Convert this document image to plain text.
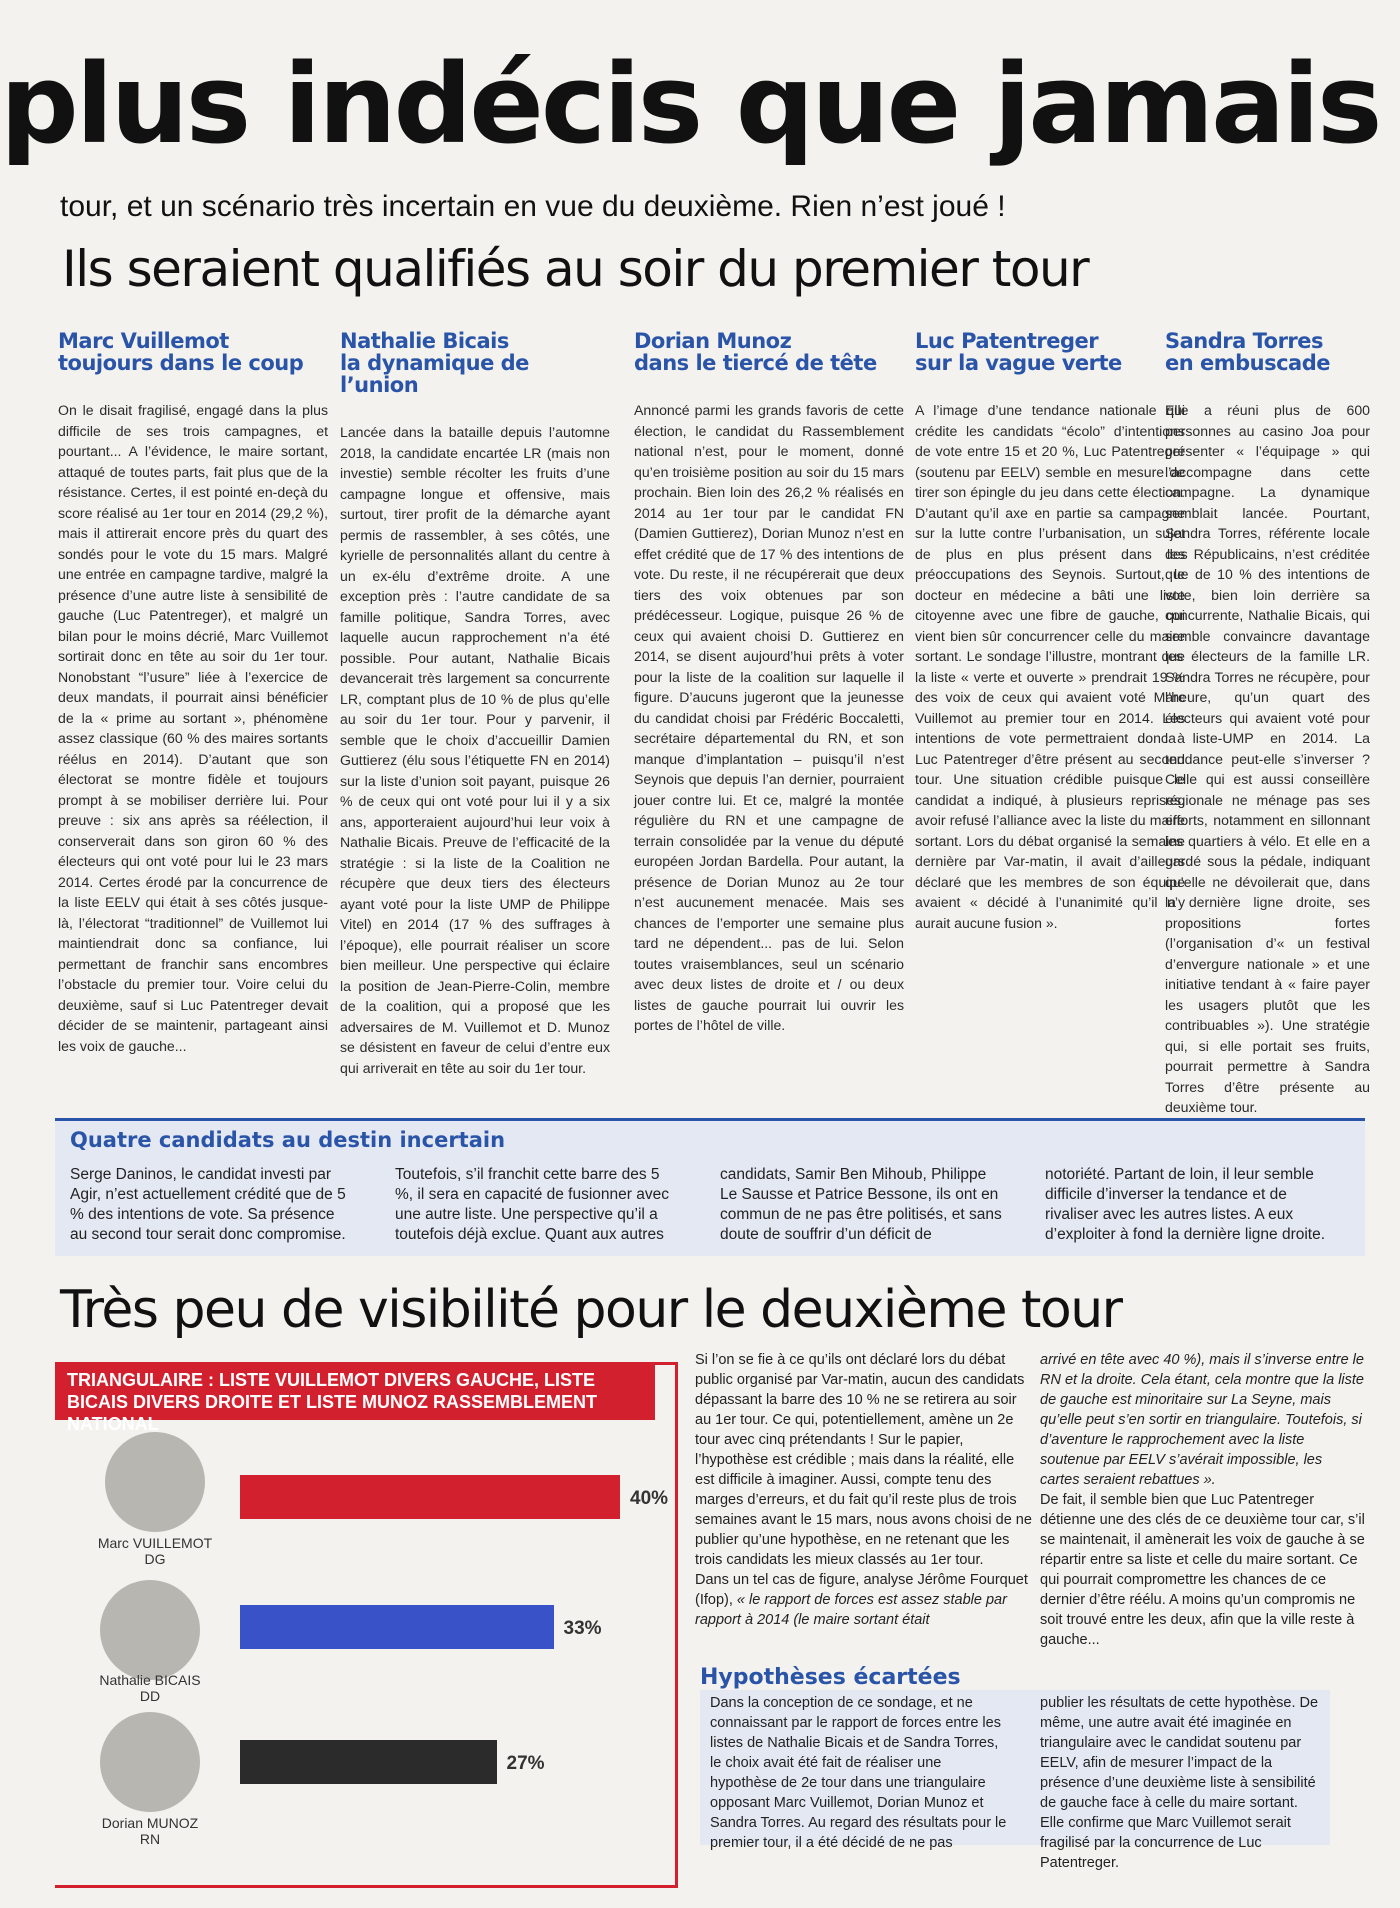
plus indécis que jamais
tour, et un scénario très incertain en vue du deuxième. Rien n’est joué !
Ils seraient qualifiés au soir du premier tour
Marc Vuillemot
toujours dans le coup

On le disait fragilisé, engagé dans la plus difficile de ses trois campagnes, et pourtant... A l’évidence, le maire sortant, attaqué de toutes parts, fait plus que de la résistance. Certes, il est pointé en-deçà du score réalisé au 1er tour en 2014 (29,2 %), mais il attirerait encore près du quart des sondés pour le vote du 15 mars. Malgré une entrée en campagne tardive, malgré la présence d’une autre liste à sensibilité de gauche (Luc Patentreger), et malgré un bilan pour le moins décrié, Marc Vuillemot sortirait donc en tête au soir du 1er tour. Nonobstant “l’usure” liée à l’exercice de deux mandats, il pourrait ainsi bénéficier de la « prime au sortant », phénomène assez classique (60 % des maires sortants réélus en 2014). D’autant que son électorat se montre fidèle et toujours prompt à se mobiliser derrière lui. Pour preuve : six ans après sa réélection, il conserverait dans son giron 60 % des électeurs qui ont voté pour lui le 23 mars 2014. Certes érodé par la concurrence de la liste EELV qui était à ses côtés jusque-là, l’électorat “traditionnel” de Vuillemot lui maintiendrait donc sa confiance, lui permettant de franchir sans encombres l’obstacle du premier tour. Voire celui du deuxième, sauf si Luc Patentreger devait décider de se maintenir, partageant ainsi les voix de gauche...

Nathalie Bicais
la dynamique de l’union

Lancée dans la bataille depuis l’automne 2018, la candidate encartée LR (mais non investie) semble récolter les fruits d’une campagne longue et offensive, mais surtout, tirer profit de la démarche ayant permis de rassembler, à ses côtés, une kyrielle de personnalités allant du centre à un ex-élu d’extrême droite. A une exception près : l’autre candidate de sa famille politique, Sandra Torres, avec laquelle aucun rapprochement n’a été possible. Pour autant, Nathalie Bicais devancerait très largement sa concurrente LR, comptant plus de 10 % de plus qu’elle au soir du 1er tour. Pour y parvenir, il semble que le choix d’accueillir Damien Guttierez (élu sous l’étiquette FN en 2014) sur la liste d’union soit payant, puisque 26 % de ceux qui ont voté pour lui il y a six ans, apporteraient aujourd’hui leur voix à Nathalie Bicais. Preuve de l’efficacité de la stratégie : si la liste de la Coalition ne récupère que deux tiers des électeurs ayant voté pour la liste UMP de Philippe Vitel) en 2014 (17 % des suffrages à l’époque), elle pourrait réaliser un score bien meilleur. Une perspective qui éclaire la position de Jean-Pierre-Colin, membre de la coalition, qui a proposé que les adversaires de M. Vuillemot et D. Munoz se désistent en faveur de celui d’entre eux qui arriverait en tête au soir du 1er tour.

Dorian Munoz
dans le tiercé de tête

Annoncé parmi les grands favoris de cette élection, le candidat du Rassemblement national n’est, pour le moment, donné qu’en troisième position au soir du 15 mars prochain. Bien loin des 26,2 % réalisés en 2014 au 1er tour par le candidat FN (Damien Guttierez), Dorian Munoz n’est en effet crédité que de 17 % des intentions de vote. Du reste, il ne récupérerait que deux tiers des voix obtenues par son prédécesseur. Logique, puisque 26 % de ceux qui avaient choisi D. Guttierez en 2014, se disent aujourd’hui prêts à voter pour la liste de la coalition sur laquelle il figure. D’aucuns jugeront que la jeunesse du candidat choisi par Frédéric Boccaletti, secrétaire départemental du RN, et son manque d’implantation – puisqu’il n’est Seynois que depuis l’an dernier, pourraient jouer contre lui. Et ce, malgré la montée régulière du RN et une campagne de terrain consolidée par la venue du député européen Jordan Bardella. Pour autant, la présence de Dorian Munoz au 2e tour n’est aucunement menacée. Mais ses chances de l’emporter une semaine plus tard ne dépendent... pas de lui. Selon toutes vraisemblances, seul un scénario avec deux listes de droite et / ou deux listes de gauche pourrait lui ouvrir les portes de l’hôtel de ville.

Luc Patentreger
sur la vague verte

A l’image d’une tendance nationale qui crédite les candidats “écolo” d’intentions de vote entre 15 et 20 %, Luc Patentreger (soutenu par EELV) semble en mesure de tirer son épingle du jeu dans cette élection. D’autant qu’il axe en partie sa campagne sur la lutte contre l’urbanisation, un sujet de plus en plus présent dans les préoccupations des Seynois. Surtout, le docteur en médecine a bâti une liste citoyenne avec une fibre de gauche, qui vient bien sûr concurrencer celle du maire sortant. Le sondage l’illustre, montrant que la liste « verte et ouverte » prendrait 19 % des voix de ceux qui avaient voté Marc Vuillemot au premier tour en 2014. Les intentions de vote permettraient donc à Luc Patentreger d’être présent au second tour. Une situation crédible puisque le candidat a indiqué, à plusieurs reprises, avoir refusé l’alliance avec la liste du maire sortant. Lors du débat organisé la semaine dernière par Var-matin, il avait d’ailleurs déclaré que les membres de son équipe avaient « décidé à l’unanimité qu’il n’y aurait aucune fusion ».

Sandra Torres
en embuscade

Elle a réuni plus de 600 personnes au casino Joa pour présenter « l’équipage » qui l’accompagne dans cette campagne. La dynamique semblait lancée. Pourtant, Sandra Torres, référente locale des Républicains, n’est créditée que de 10 % des intentions de vote, bien loin derrière sa concurrente, Nathalie Bicais, qui semble convaincre davantage les électeurs de la famille LR. Sandra Torres ne récupère, pour l’heure, qu’un quart des électeurs qui avaient voté pour la liste-UMP en 2014. La tendance peut-elle s’inverser ? Celle qui est aussi conseillère régionale ne ménage pas ses efforts, notamment en sillonnant les quartiers à vélo. Et elle en a gardé sous la pédale, indiquant qu’elle ne dévoilerait que, dans la dernière ligne droite, ses propositions fortes (l’organisation d’« un festival d’envergure nationale » et une initiative tendant à « faire payer les usagers plutôt que les contribuables »). Une stratégie qui, si elle portait ses fruits, pourrait permettre à Sandra Torres d’être présente au deuxième tour.

Quatre candidats au destin incertain
Serge Daninos, le candidat investi par Agir, n’est actuellement crédité que de 5 % des intentions de vote. Sa présence au second tour serait donc compromise.
Toutefois, s’il franchit cette barre des 5 %, il sera en capacité de fusionner avec une autre liste. Une perspective qu’il a toutefois déjà exclue. Quant aux autres
candidats, Samir Ben Mihoub, Philippe Le Sausse et Patrice Bessone, ils ont en commun de ne pas être politisés, et sans doute de souffrir d’un déficit de
notoriété. Partant de loin, il leur semble difficile d’inverser la tendance et de rivaliser avec les autres listes. A eux d’exploiter à fond la dernière ligne droite.
Très peu de visibilité pour le deuxième tour
TRIANGULAIRE : LISTE VUILLEMOT DIVERS GAUCHE, LISTE BICAIS DIVERS DROITE ET LISTE MUNOZ RASSEMBLEMENT NATIONAL
Marc VUILLEMOT
DG
Nathalie BICAIS
DD
Dorian MUNOZ
RN
40%
33%
27%

Si l’on se fie à ce qu’ils ont déclaré lors du débat public organisé par Var-matin, aucun des candidats dépassant la barre des 10 % ne se retirera au soir au 1er tour. Ce qui, potentiellement, amène un 2e tour avec cinq prétendants ! Sur le papier, l’hypothèse est crédible ; mais dans la réalité, elle est difficile à imaginer. Aussi, compte tenu des marges d’erreurs, et du fait qu’il reste plus de trois semaines avant le 15 mars, nous avons choisi de ne publier qu’une hypothèse, en ne retenant que les trois candidats les mieux classés au 1er tour.

Dans un tel cas de figure, analyse Jérôme Fourquet (Ifop), « le rapport de forces est assez stable par rapport à 2014 (le maire sortant était

arrivé en tête avec 40 %), mais il s’inverse entre le RN et la droite. Cela étant, cela montre que la liste de gauche est minoritaire sur La Seyne, mais qu’elle peut s’en sortir en triangulaire. Toutefois, si d’aventure le rapprochement avec la liste soutenue par EELV s’avérait impossible, les cartes seraient rebattues ».

De fait, il semble bien que Luc Patentreger détienne une des clés de ce deuxième tour car, s’il se maintenait, il amènerait les voix de gauche à se répartir entre sa liste et celle du maire sortant. Ce qui pourrait compromettre les chances de ce dernier d’être réélu. A moins qu’un compromis ne soit trouvé entre les deux, afin que la ville reste à gauche...

Hypothèses écartées
Dans la conception de ce sondage, et ne connaissant par le rapport de forces entre les listes de Nathalie Bicais et de Sandra Torres, le choix avait été fait de réaliser une hypothèse de 2e tour dans une triangulaire opposant Marc Vuillemot, Dorian Munoz et Sandra Torres. Au regard des résultats pour le premier tour, il a été décidé de ne pas
publier les résultats de cette hypothèse. De même, une autre avait été imaginée en triangulaire avec le candidat soutenu par EELV, afin de mesurer l’impact de la présence d’une deuxième liste à sensibilité de gauche face à celle du maire sortant. Elle confirme que Marc Vuillemot serait fragilisé par la concurrence de Luc Patentreger.
